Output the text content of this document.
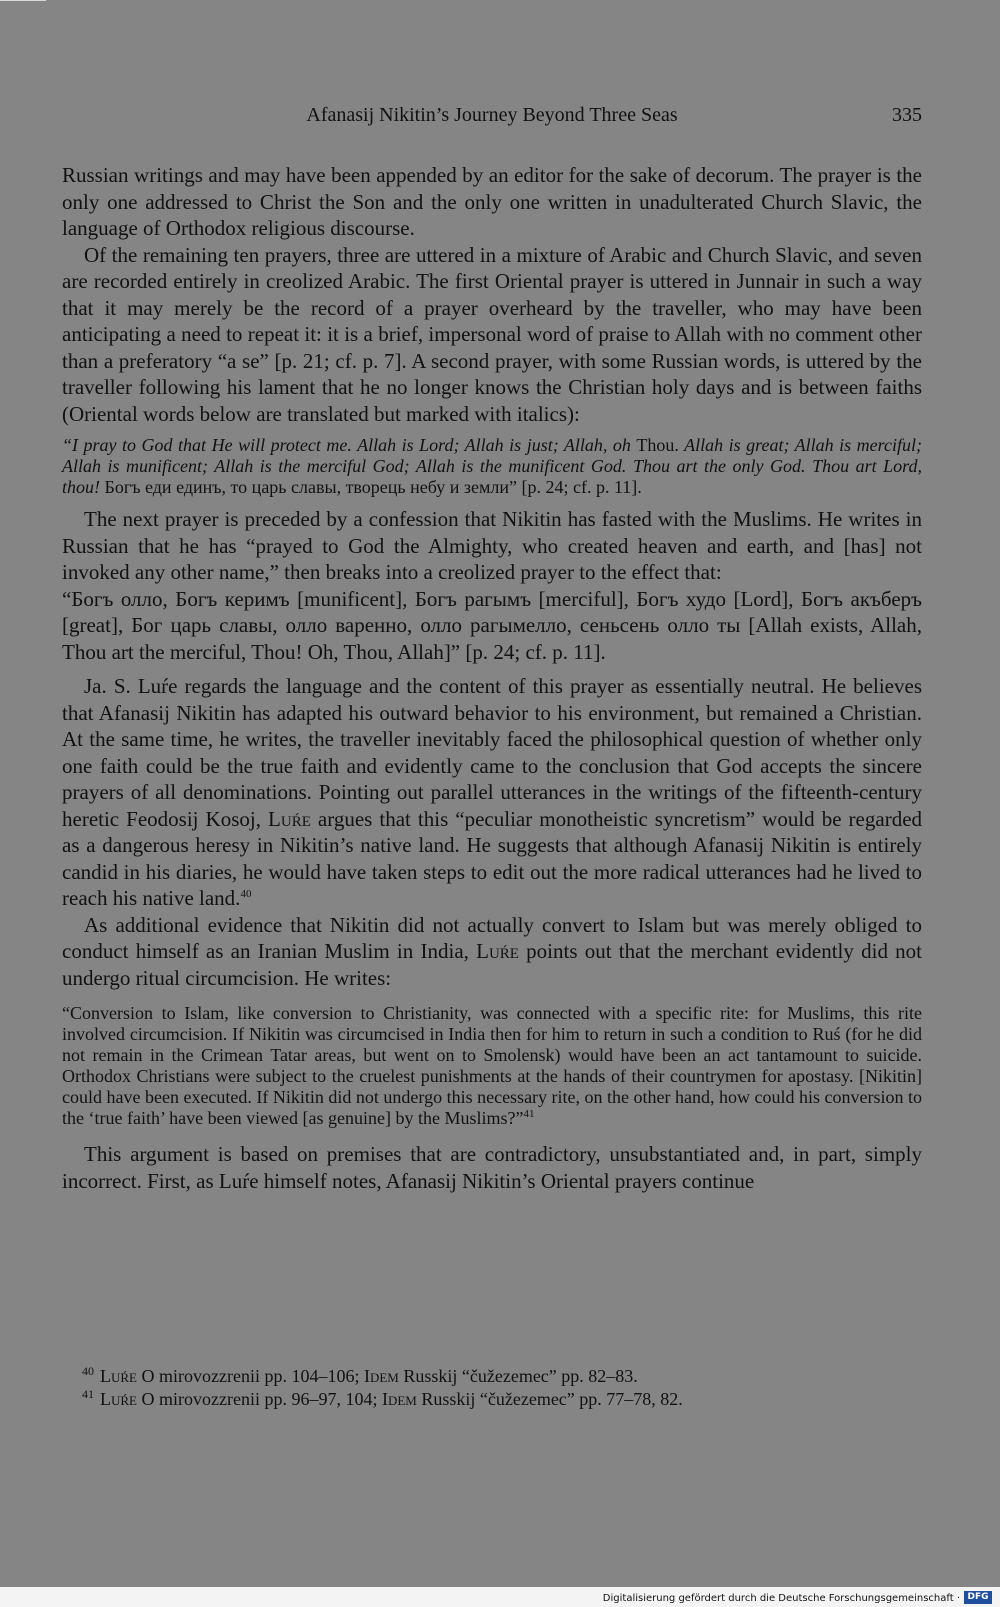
Afanasij Nikitin’s Journey Beyond Three Seas	335

Russian writings and may have been appended by an editor for the sake of decorum. The prayer is the only one addressed to Christ the Son and the only one written in unadulterated Church Slavic, the language of Orthodox religious discourse.

Of the remaining ten prayers, three are uttered in a mixture of Arabic and Church Slavic, and seven are recorded entirely in creolized Arabic. The first Oriental prayer is uttered in Junnair in such a way that it may merely be the record of a prayer overheard by the traveller, who may have been anticipating a need to repeat it: it is a brief, impersonal word of praise to Allah with no comment other than a preferatory “a se” [p. 21; cf. p. 7]. A second prayer, with some Russian words, is uttered by the traveller following his lament that he no longer knows the Christian holy days and is between faiths (Oriental words below are translated but marked with italics):

“I pray to God that He will protect me. Allah is Lord; Allah is just; Allah, oh Thou. Allah is great; Allah is merciful; Allah is munificent; Allah is the merciful God; Allah is the munificent God. Thou art the only God. Thou art Lord, thou! Богъ еди единъ, то царь славы, творець небу и земли” [p. 24; cf. p. 11].

The next prayer is preceded by a confession that Nikitin has fasted with the Muslims. He writes in Russian that he has “prayed to God the Almighty, who created heaven and earth, and [has] not invoked any other name,” then breaks into a creolized prayer to the effect that:

“Богъ олло, Богъ керимъ [munificent], Богъ рагымъ [merciful], Богъ худо [Lord], Богъ акъберъ [great], Бог царь славы, олло варенно, олло рагымелло, сеньсень олло ты [Allah exists, Allah, Thou art the merciful, Thou! Oh, Thou, Allah]” [p. 24; cf. p. 11].

Ja. S. Luŕe regards the language and the content of this prayer as essentially neutral. He believes that Afanasij Nikitin has adapted his outward behavior to his environment, but remained a Christian. At the same time, he writes, the traveller inevitably faced the philosophical question of whether only one faith could be the true faith and evidently came to the conclusion that God accepts the sincere prayers of all denominations. Pointing out parallel utterances in the writings of the fifteenth-century heretic Feodosij Kosoj, Luŕe argues that this “peculiar monotheistic syncretism” would be regarded as a dangerous heresy in Nikitin’s native land. He suggests that although Afanasij Nikitin is entirely candid in his diaries, he would have taken steps to edit out the more radical utterances had he lived to reach his native land.$^{40}$

As additional evidence that Nikitin did not actually convert to Islam but was merely obliged to conduct himself as an Iranian Muslim in India, Luŕe points out that the merchant evidently did not undergo ritual circumcision. He writes:

“Conversion to Islam, like conversion to Christianity, was connected with a specific rite: for Muslims, this rite involved circumcision. If Nikitin was circumcised in India then for him to return in such a condition to Ruś (for he did not remain in the Crimean Tatar areas, but went on to Smolensk) would have been an act tantamount to suicide. Orthodox Christians were subject to the cruelest punishments at the hands of their countrymen for apostasy. [Nikitin] could have been executed. If Nikitin did not undergo this necessary rite, on the other hand, how could his conversion to the ‘true faith’ have been viewed [as genuine] by the Muslims?”$^{41}$

This argument is based on premises that are contradictory, unsubstantiated and, in part, simply incorrect. First, as Luŕe himself notes, Afanasij Nikitin’s Oriental prayers continue

$^{40}$ Luŕe O mirovozzrenii pp. 104–106; Idem Russkij “čužezemec” pp. 82–83.

$^{41}$ Luŕe O mirovozzrenii pp. 96–97, 104; Idem Russkij “čužezemec” pp. 77–78, 82.

Digitalisierung gefördert durch die Deutsche Forschungsgemeinschaft · DFG
